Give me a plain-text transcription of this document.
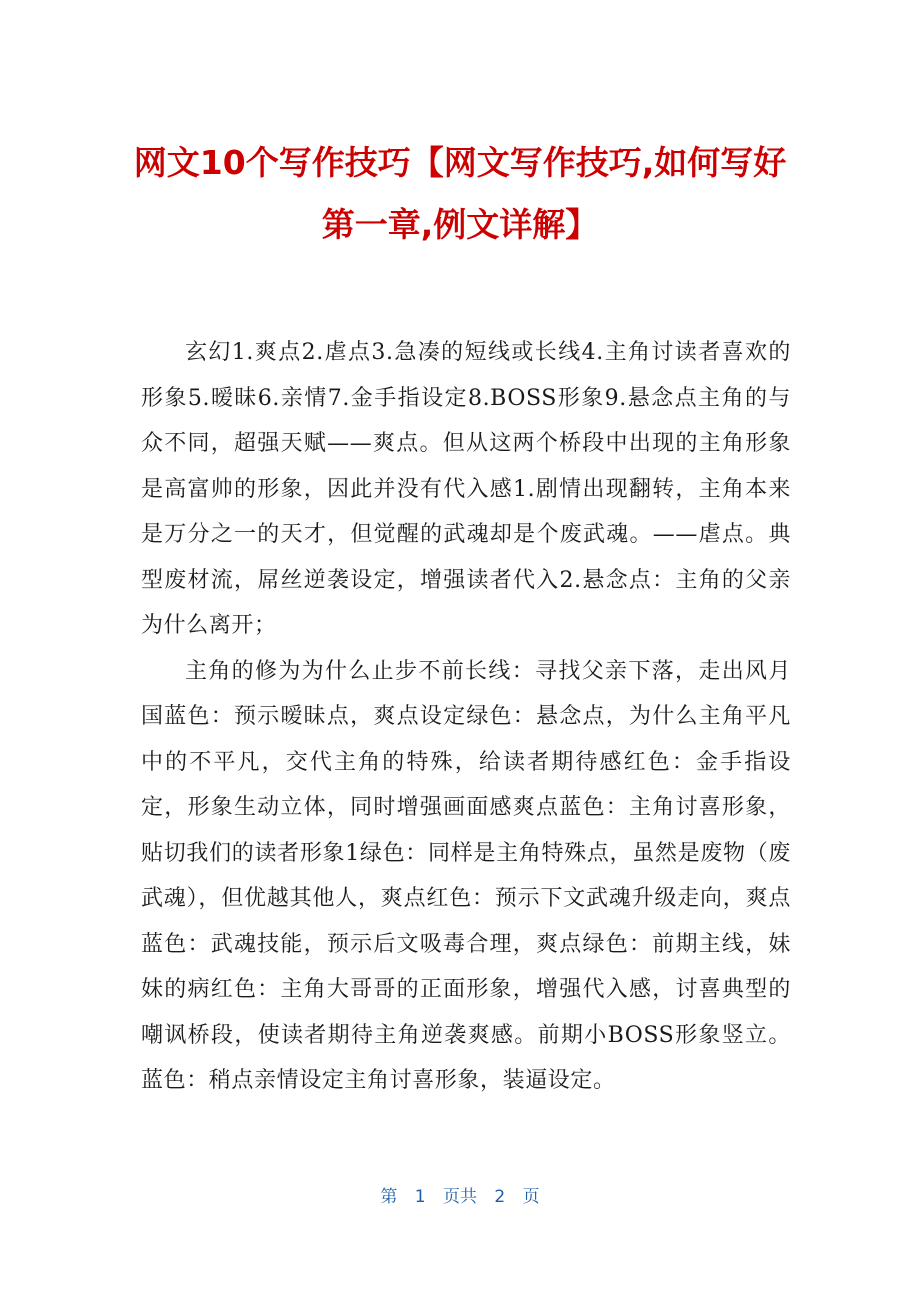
网文10个写作技巧【网文写作技巧,如何写好第一章,例文详解】

玄幻1.爽点2.虐点3.急凑的短线或长线4.主角讨读者喜欢的形象5.暧昧6.亲情7.金手指设定8.BOSS形象9.悬念点主角的与众不同，超强天赋——爽点。但从这两个桥段中出现的主角形象是高富帅的形象，因此并没有代入感1.剧情出现翻转，主角本来是万分之一的天才，但觉醒的武魂却是个废武魂。——虐点。典型废材流，屌丝逆袭设定，增强读者代入2.悬念点：主角的父亲为什么离开；

主角的修为为什么止步不前长线：寻找父亲下落，走出风月国蓝色：预示暧昧点，爽点设定绿色：悬念点，为什么主角平凡中的不平凡，交代主角的特殊，给读者期待感红色：金手指设定，形象生动立体，同时增强画面感爽点蓝色：主角讨喜形象，贴切我们的读者形象1绿色：同样是主角特殊点，虽然是废物（废武魂），但优越其他人，爽点红色：预示下文武魂升级走向，爽点蓝色：武魂技能，预示后文吸毒合理，爽点绿色：前期主线，妹妹的病红色：主角大哥哥的正面形象，增强代入感，讨喜典型的嘲讽桥段，使读者期待主角逆袭爽感。前期小BOSS形象竖立。蓝色：稍点亲情设定主角讨喜形象，装逼设定。

第 1 页共 2 页
